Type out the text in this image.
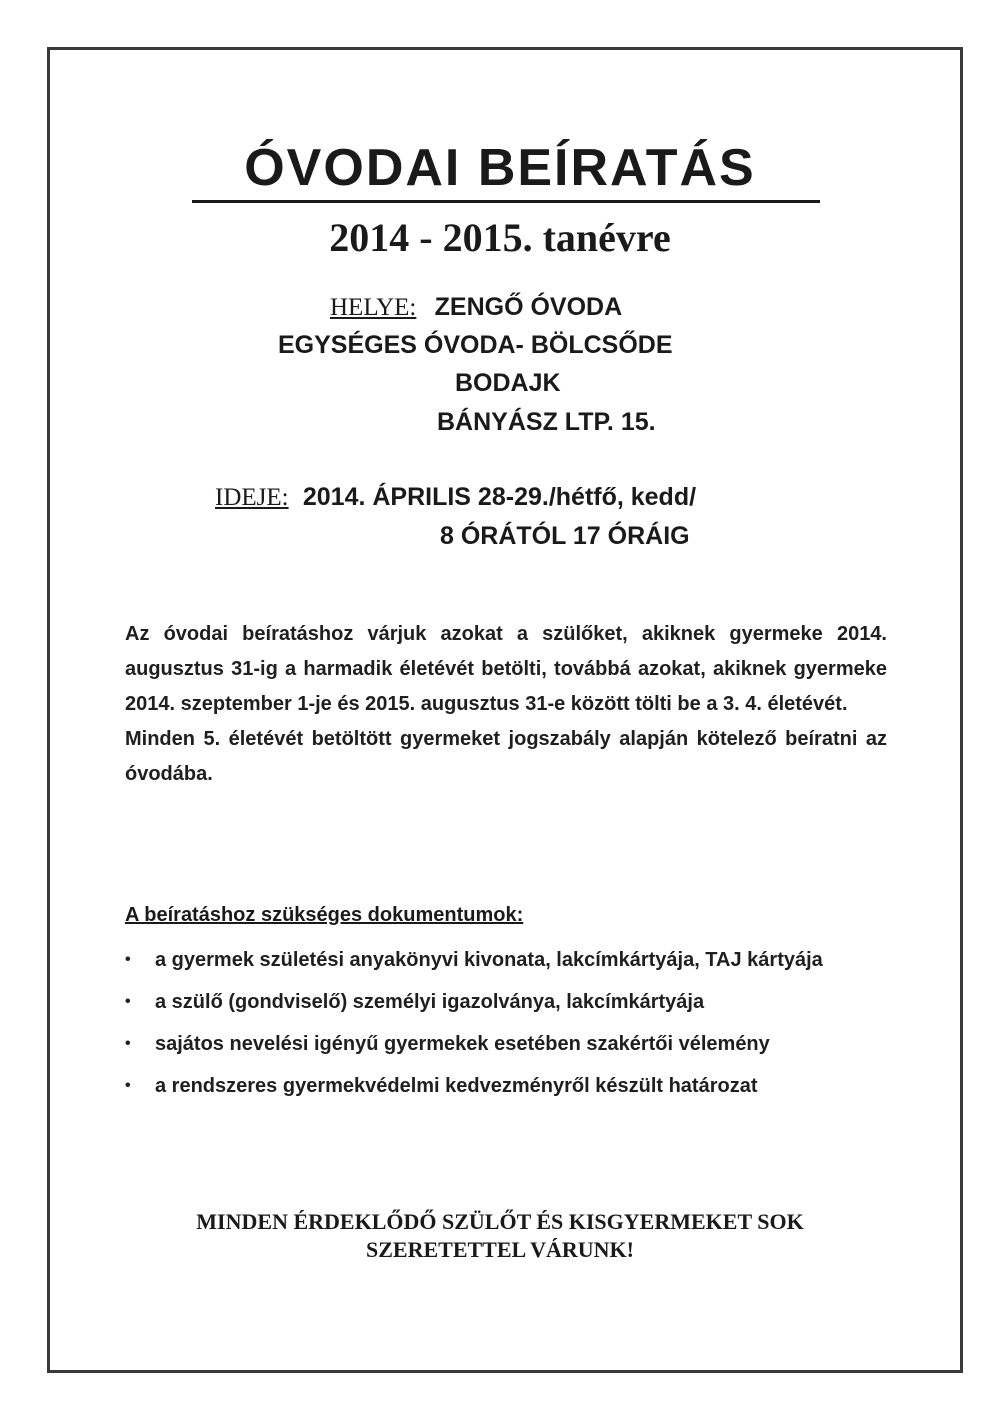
ÓVODAI BEÍRATÁS
2014 - 2015. tanévre
HELYE: ZENGŐ ÓVODA
EGYSÉGES ÓVODA- BÖLCSŐDE
BODAJK
BÁNYÁSZ LTP. 15.
IDEJE: 2014. ÁPRILIS 28-29./hétfő, kedd/
8 ÓRÁTÓL 17 ÓRÁIG

Az óvodai beíratáshoz várjuk azokat a szülőket, akiknek gyermeke 2014. augusztus 31-ig a harmadik életévét betölti, továbbá azokat, akiknek gyermeke 2014. szeptember 1-je és 2015. augusztus 31-e között tölti be a 3. 4. életévét.

Minden 5. életévét betöltött gyermeket jogszabály alapján kötelező beíratni az óvodába.

A beíratáshoz szükséges dokumentumok:
•	a gyermek születési anyakönyvi kivonata, lakcímkártyája, TAJ kártyája
•	a szülő (gondviselő) személyi igazolványa, lakcímkártyája
•	sajátos nevelési igényű gyermekek esetében szakértői vélemény
•	a rendszeres gyermekvédelmi kedvezményről készült határozat
MINDEN ÉRDEKLŐDŐ SZÜLŐT ÉS KISGYERMEKET SOK
SZERETETTEL VÁRUNK!
